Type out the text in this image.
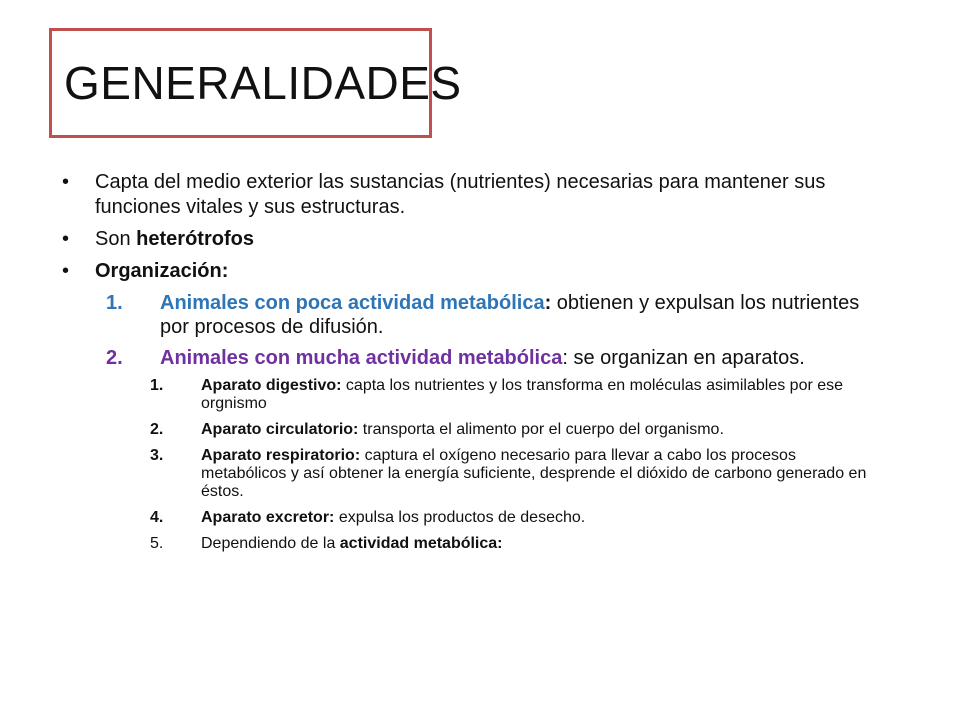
GENERALIDADES
• Capta del medio exterior las sustancias (nutrientes) necesarias para mantener sus funciones vitales y sus estructuras.
• Son heterótrofos
• Organización:
1. Animales con poca actividad metabólica: obtienen y expulsan los nutrientes por procesos de difusión.
2. Animales con mucha actividad metabólica: se organizan en aparatos.
1. Aparato digestivo: capta los nutrientes y los transforma en moléculas asimilables por ese orgnismo
2. Aparato circulatorio: transporta el alimento por el cuerpo del organismo.
3. Aparato respiratorio: captura el oxígeno necesario para llevar a cabo los procesos metabólicos y así obtener la energía suficiente, desprende el dióxido de carbono generado en éstos.
4. Aparato excretor: expulsa los productos de desecho.
5. Dependiendo de la actividad metabólica:
